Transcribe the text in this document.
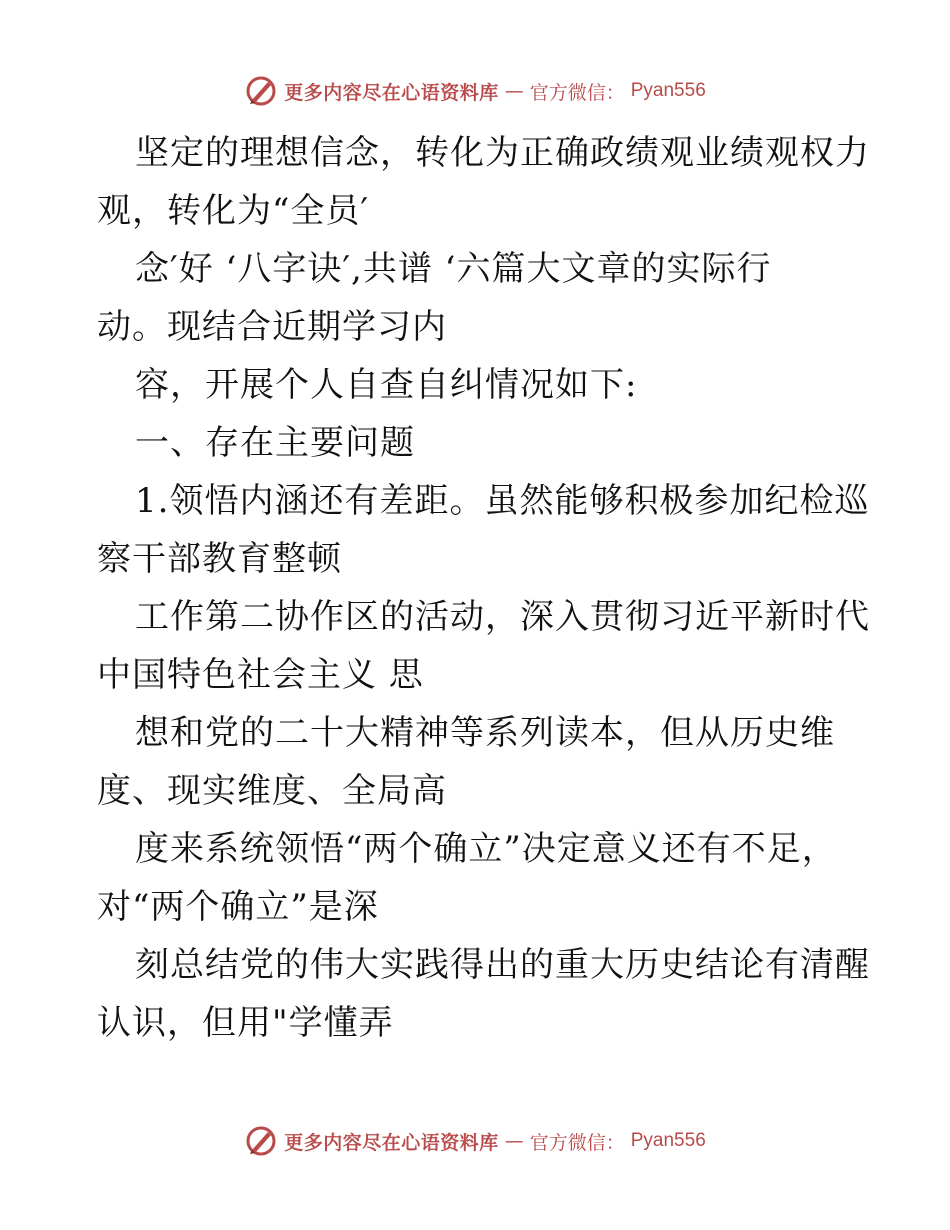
更多内容尽在心语资料库 — 官方微信： Pyan556
坚定的理想信念，转化为正确政绩观业绩观权力
观，转化为“全员′
念′好 ‘八字诀′,共谱 ‘六篇大文章的实际行
动。现结合近期学习内
容，开展个人自查自纠情况如下:
一、存在主要问题
1.领悟内涵还有差距。虽然能够积极参加纪检巡
察干部教育整顿
工作第二协作区的活动，深入贯彻习近平新时代
中国特色社会主义 思
想和党的二十大精神等系列读本，但从历史维
度、现实维度、全局高
度来系统领悟“两个确立”决定意义还有不足，
对“两个确立”是深
刻总结党的伟大实践得出的重大历史结论有清醒
认识，但用"学懂弄
更多内容尽在心语资料库 — 官方微信： Pyan556
